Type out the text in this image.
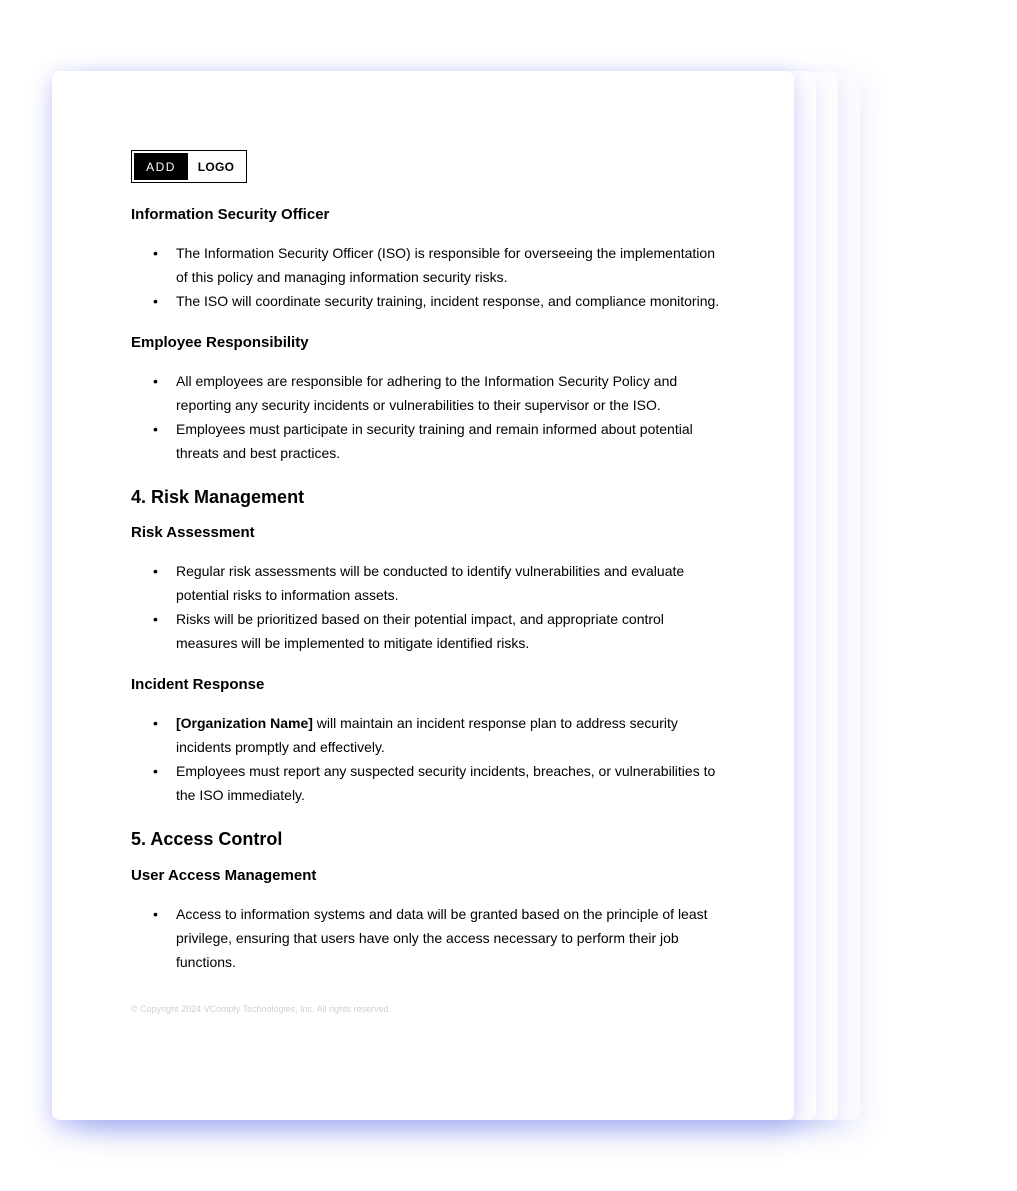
ADD	LOGO
Information Security Officer
• The Information Security Officer (ISO) is responsible for overseeing the implementation of this policy and managing information security risks.
• The ISO will coordinate security training, incident response, and compliance monitoring.
Employee Responsibility
• All employees are responsible for adhering to the Information Security Policy and reporting any security incidents or vulnerabilities to their supervisor or the ISO.
• Employees must participate in security training and remain informed about potential threats and best practices.
4. Risk Management
Risk Assessment
• Regular risk assessments will be conducted to identify vulnerabilities and evaluate potential risks to information assets.
• Risks will be prioritized based on their potential impact, and appropriate control measures will be implemented to mitigate identified risks.
Incident Response
• [Organization Name] will maintain an incident response plan to address security incidents promptly and effectively.
• Employees must report any suspected security incidents, breaches, or vulnerabilities to the ISO immediately.
5. Access Control
User Access Management
• Access to information systems and data will be granted based on the principle of least privilege, ensuring that users have only the access necessary to perform their job functions.
© Copyright 2024 VComply Technologies, Inc. All rights reserved.
